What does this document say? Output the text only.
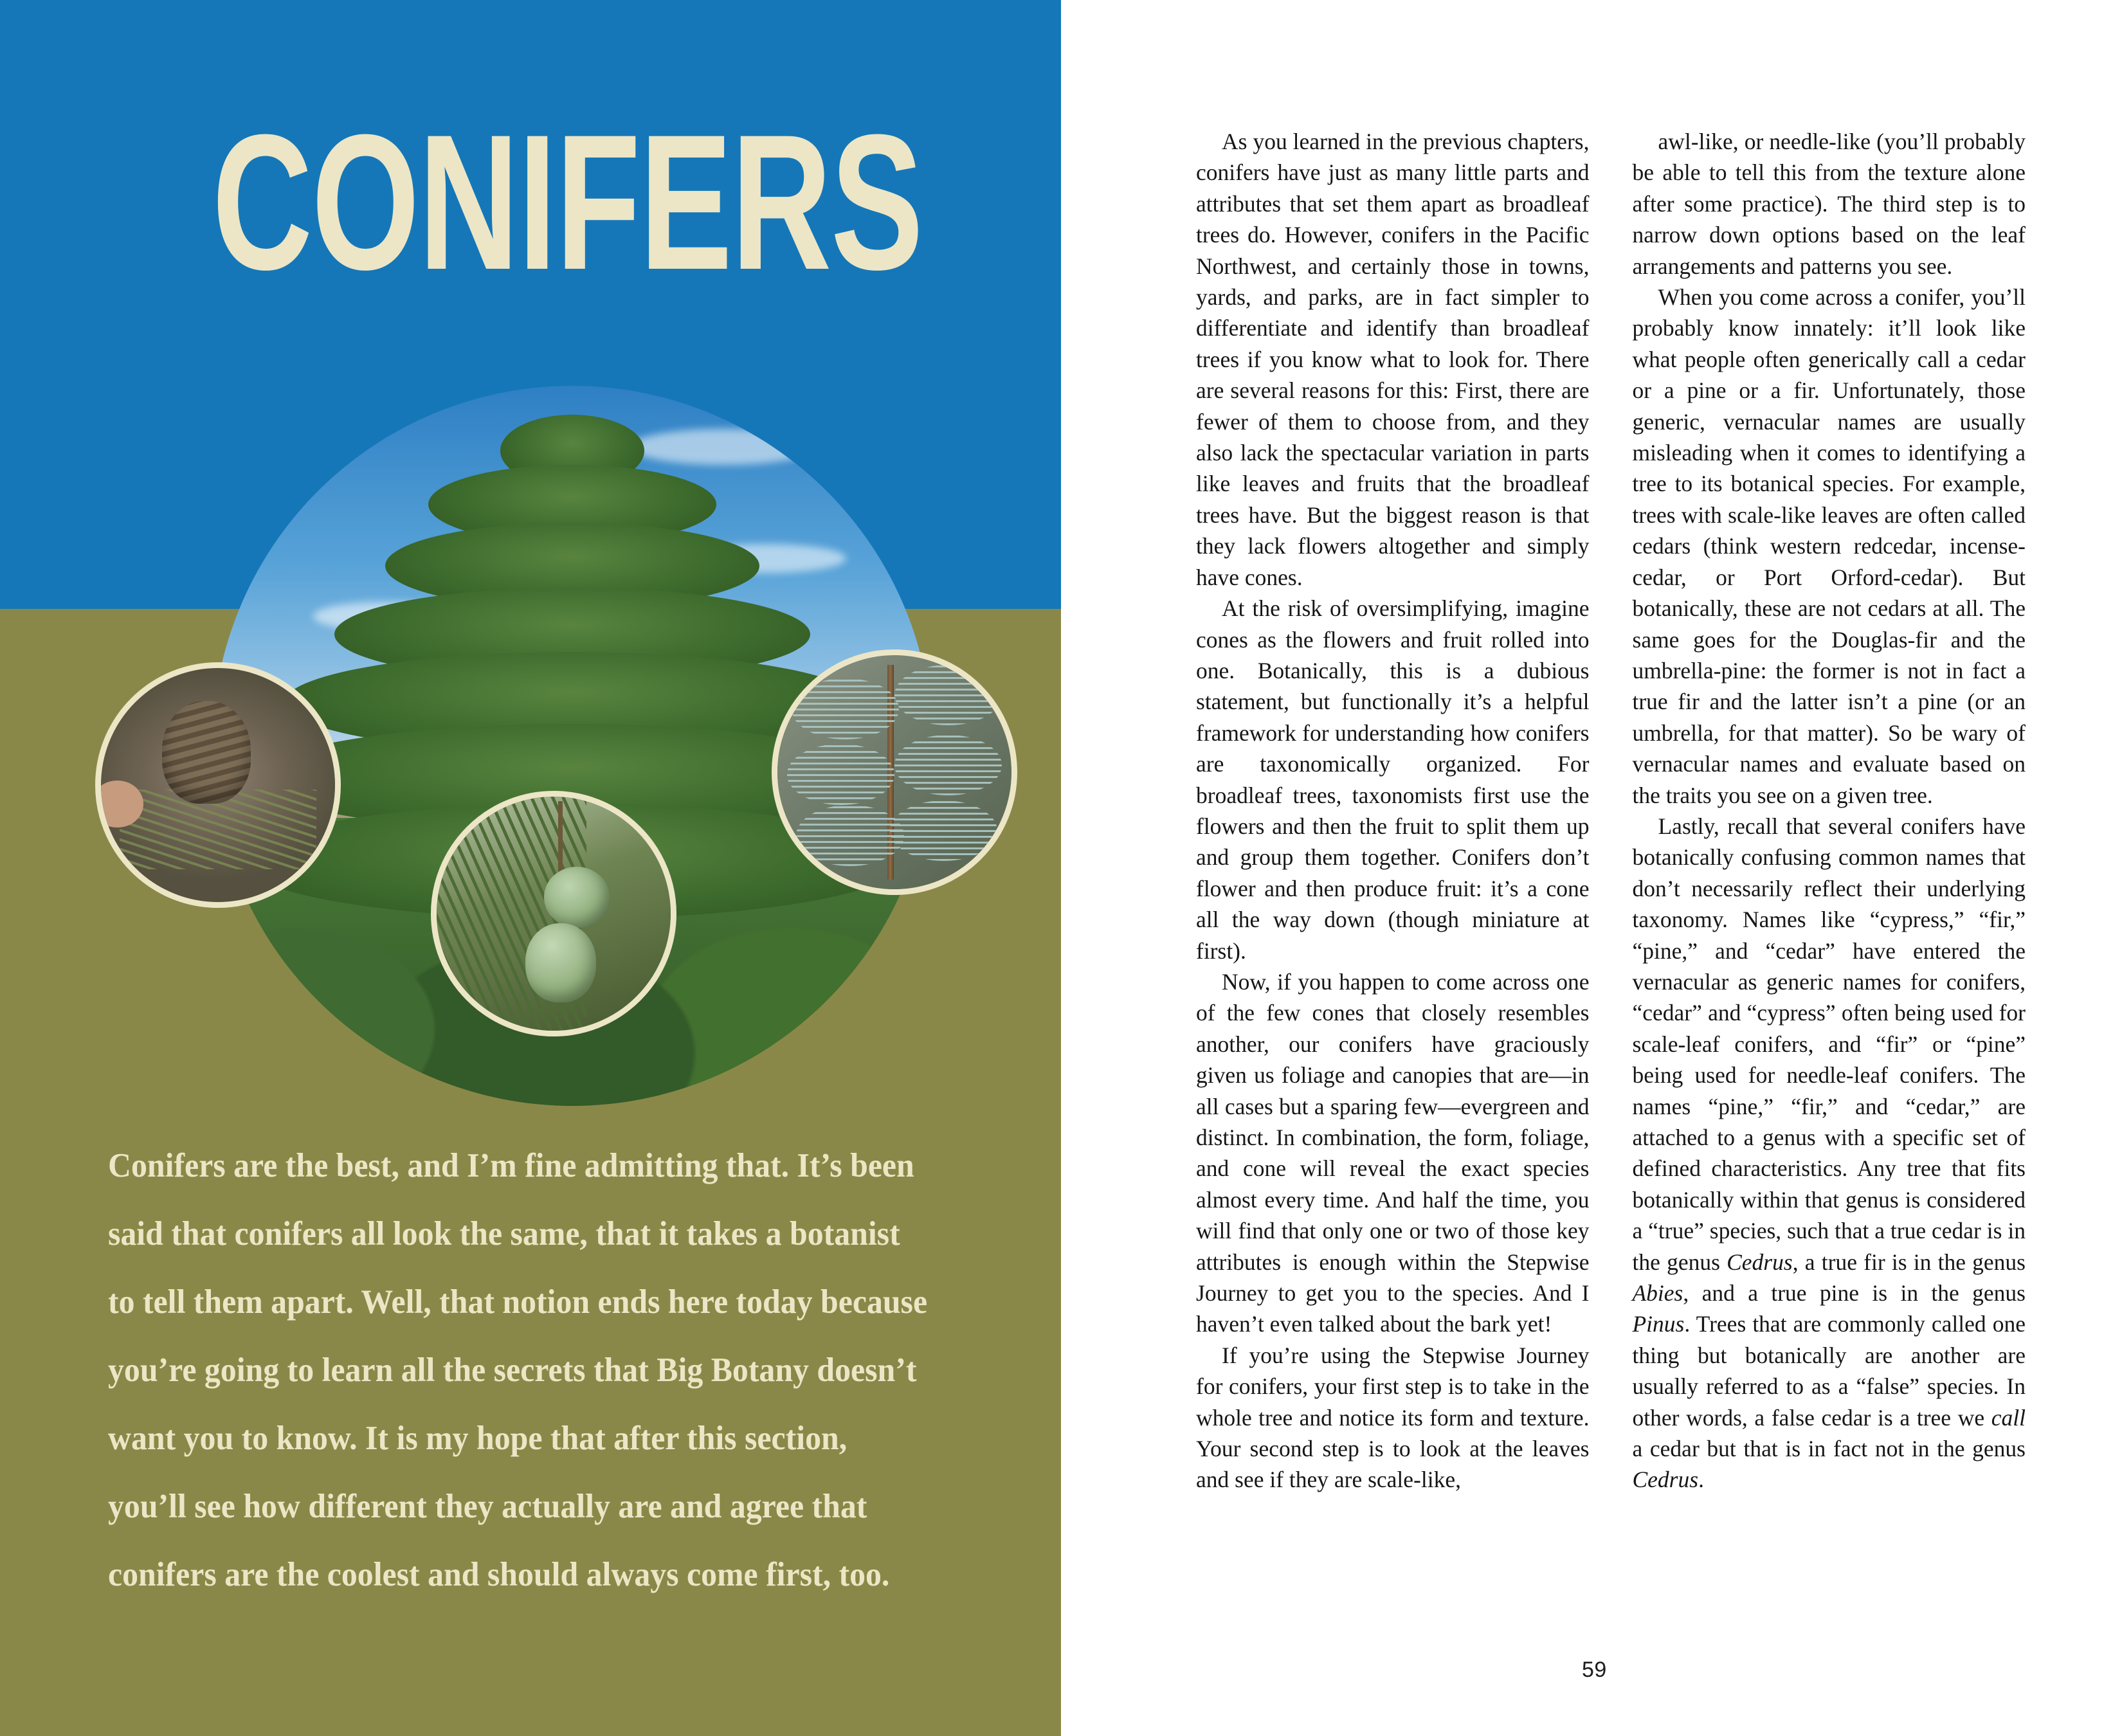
CONIFERS
Conifers are the best, and I’m fine admitting that. It’s been said that conifers all look the same, that it takes a botanist to tell them apart. Well, that notion ends here today because you’re going to learn all the secrets that Big Botany doesn’t want you to know. It is my hope that after this section, you’ll see how different they actually are and agree that conifers are the coolest and should always come first, too.

As you learned in the previous chapters, conifers have just as many little parts and attributes that set them apart as broadleaf trees do. However, conifers in the Pacific Northwest, and certainly those in towns, yards, and parks, are in fact simpler to differentiate and identify than broadleaf trees if you know what to look for. There are several reasons for this: First, there are fewer of them to choose from, and they also lack the spectacular variation in parts like leaves and fruits that the broadleaf trees have. But the biggest reason is that they lack flowers altogether and simply have cones.

At the risk of oversimplifying, imagine cones as the flowers and fruit rolled into one. Botanically, this is a dubious statement, but functionally it’s a helpful framework for understanding how conifers are taxonomically organized. For broadleaf trees, taxonomists first use the flowers and then the fruit to split them up and group them together. Conifers don’t flower and then produce fruit: it’s a cone all the way down (though miniature at first).

Now, if you happen to come across one of the few cones that closely resembles another, our conifers have graciously given us foliage and canopies that are—in all cases but a sparing few—evergreen and distinct. In combination, the form, foliage, and cone will reveal the exact species almost every time. And half the time, you will find that only one or two of those key attributes is enough within the Stepwise Journey to get you to the species. And I haven’t even talked about the bark yet!

If you’re using the Stepwise Journey for conifers, your first step is to take in the whole tree and notice its form and texture. Your second step is to look at the leaves and see if they are scale-like,

awl-like, or needle-like (you’ll probably be able to tell this from the texture alone after some practice). The third step is to narrow down options based on the leaf arrangements and patterns you see.

When you come across a conifer, you’ll probably know innately: it’ll look like what people often generically call a cedar or a pine or a fir. Unfortunately, those generic, vernacular names are usually misleading when it comes to identifying a tree to its botanical species. For example, trees with scale-like leaves are often called cedars (think western redcedar, incense-cedar, or Port Orford-cedar). But botanically, these are not cedars at all. The same goes for the Douglas-fir and the umbrella-pine: the former is not in fact a true fir and the latter isn’t a pine (or an umbrella, for that matter). So be wary of vernacular names and evaluate based on the traits you see on a given tree.

Lastly, recall that several conifers have botanically confusing common names that don’t necessarily reflect their underlying taxonomy. Names like “cypress,” “fir,” “pine,” and “cedar” have entered the vernacular as generic names for conifers, “cedar” and “cypress” often being used for scale-leaf conifers, and “fir” or “pine” being used for needle-leaf conifers. The names “pine,” “fir,” and “cedar,” are attached to a genus with a specific set of defined characteristics. Any tree that fits botanically within that genus is considered a “true” species, such that a true cedar is in the genus Cedrus, a true fir is in the genus Abies, and a true pine is in the genus Pinus. Trees that are commonly called one thing but botanically are another are usually referred to as a “false” species. In other words, a false cedar is a tree we call a cedar but that is in fact not in the genus Cedrus.

59
